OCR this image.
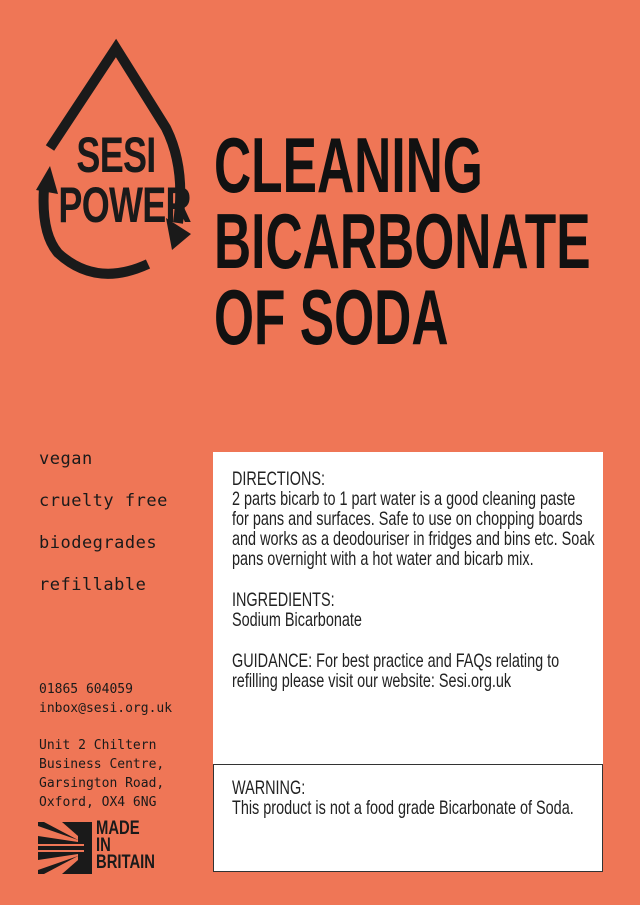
SESI
POWER CLEANING
BICARBONATE
OF SODA
vegan
cruelty free
biodegrades
refillable
01865 604059
inbox@sesi.org.uk
Unit 2 Chiltern
Business Centre,
Garsington Road,
Oxford, OX4 6NG
MADE
IN
BRITAIN
DIRECTIONS:
2 parts bicarb to 1 part water is a good cleaning paste for pans and surfaces. Safe to use on chopping boards and works as a deodouriser in fridges and bins etc. Soak pans overnight with a hot water and bicarb mix.
INGREDIENTS:
Sodium Bicarbonate
GUIDANCE: For best practice and FAQs relating to refilling please visit our website: Sesi.org.uk
WARNING:
This product is not a food grade Bicarbonate of Soda.
